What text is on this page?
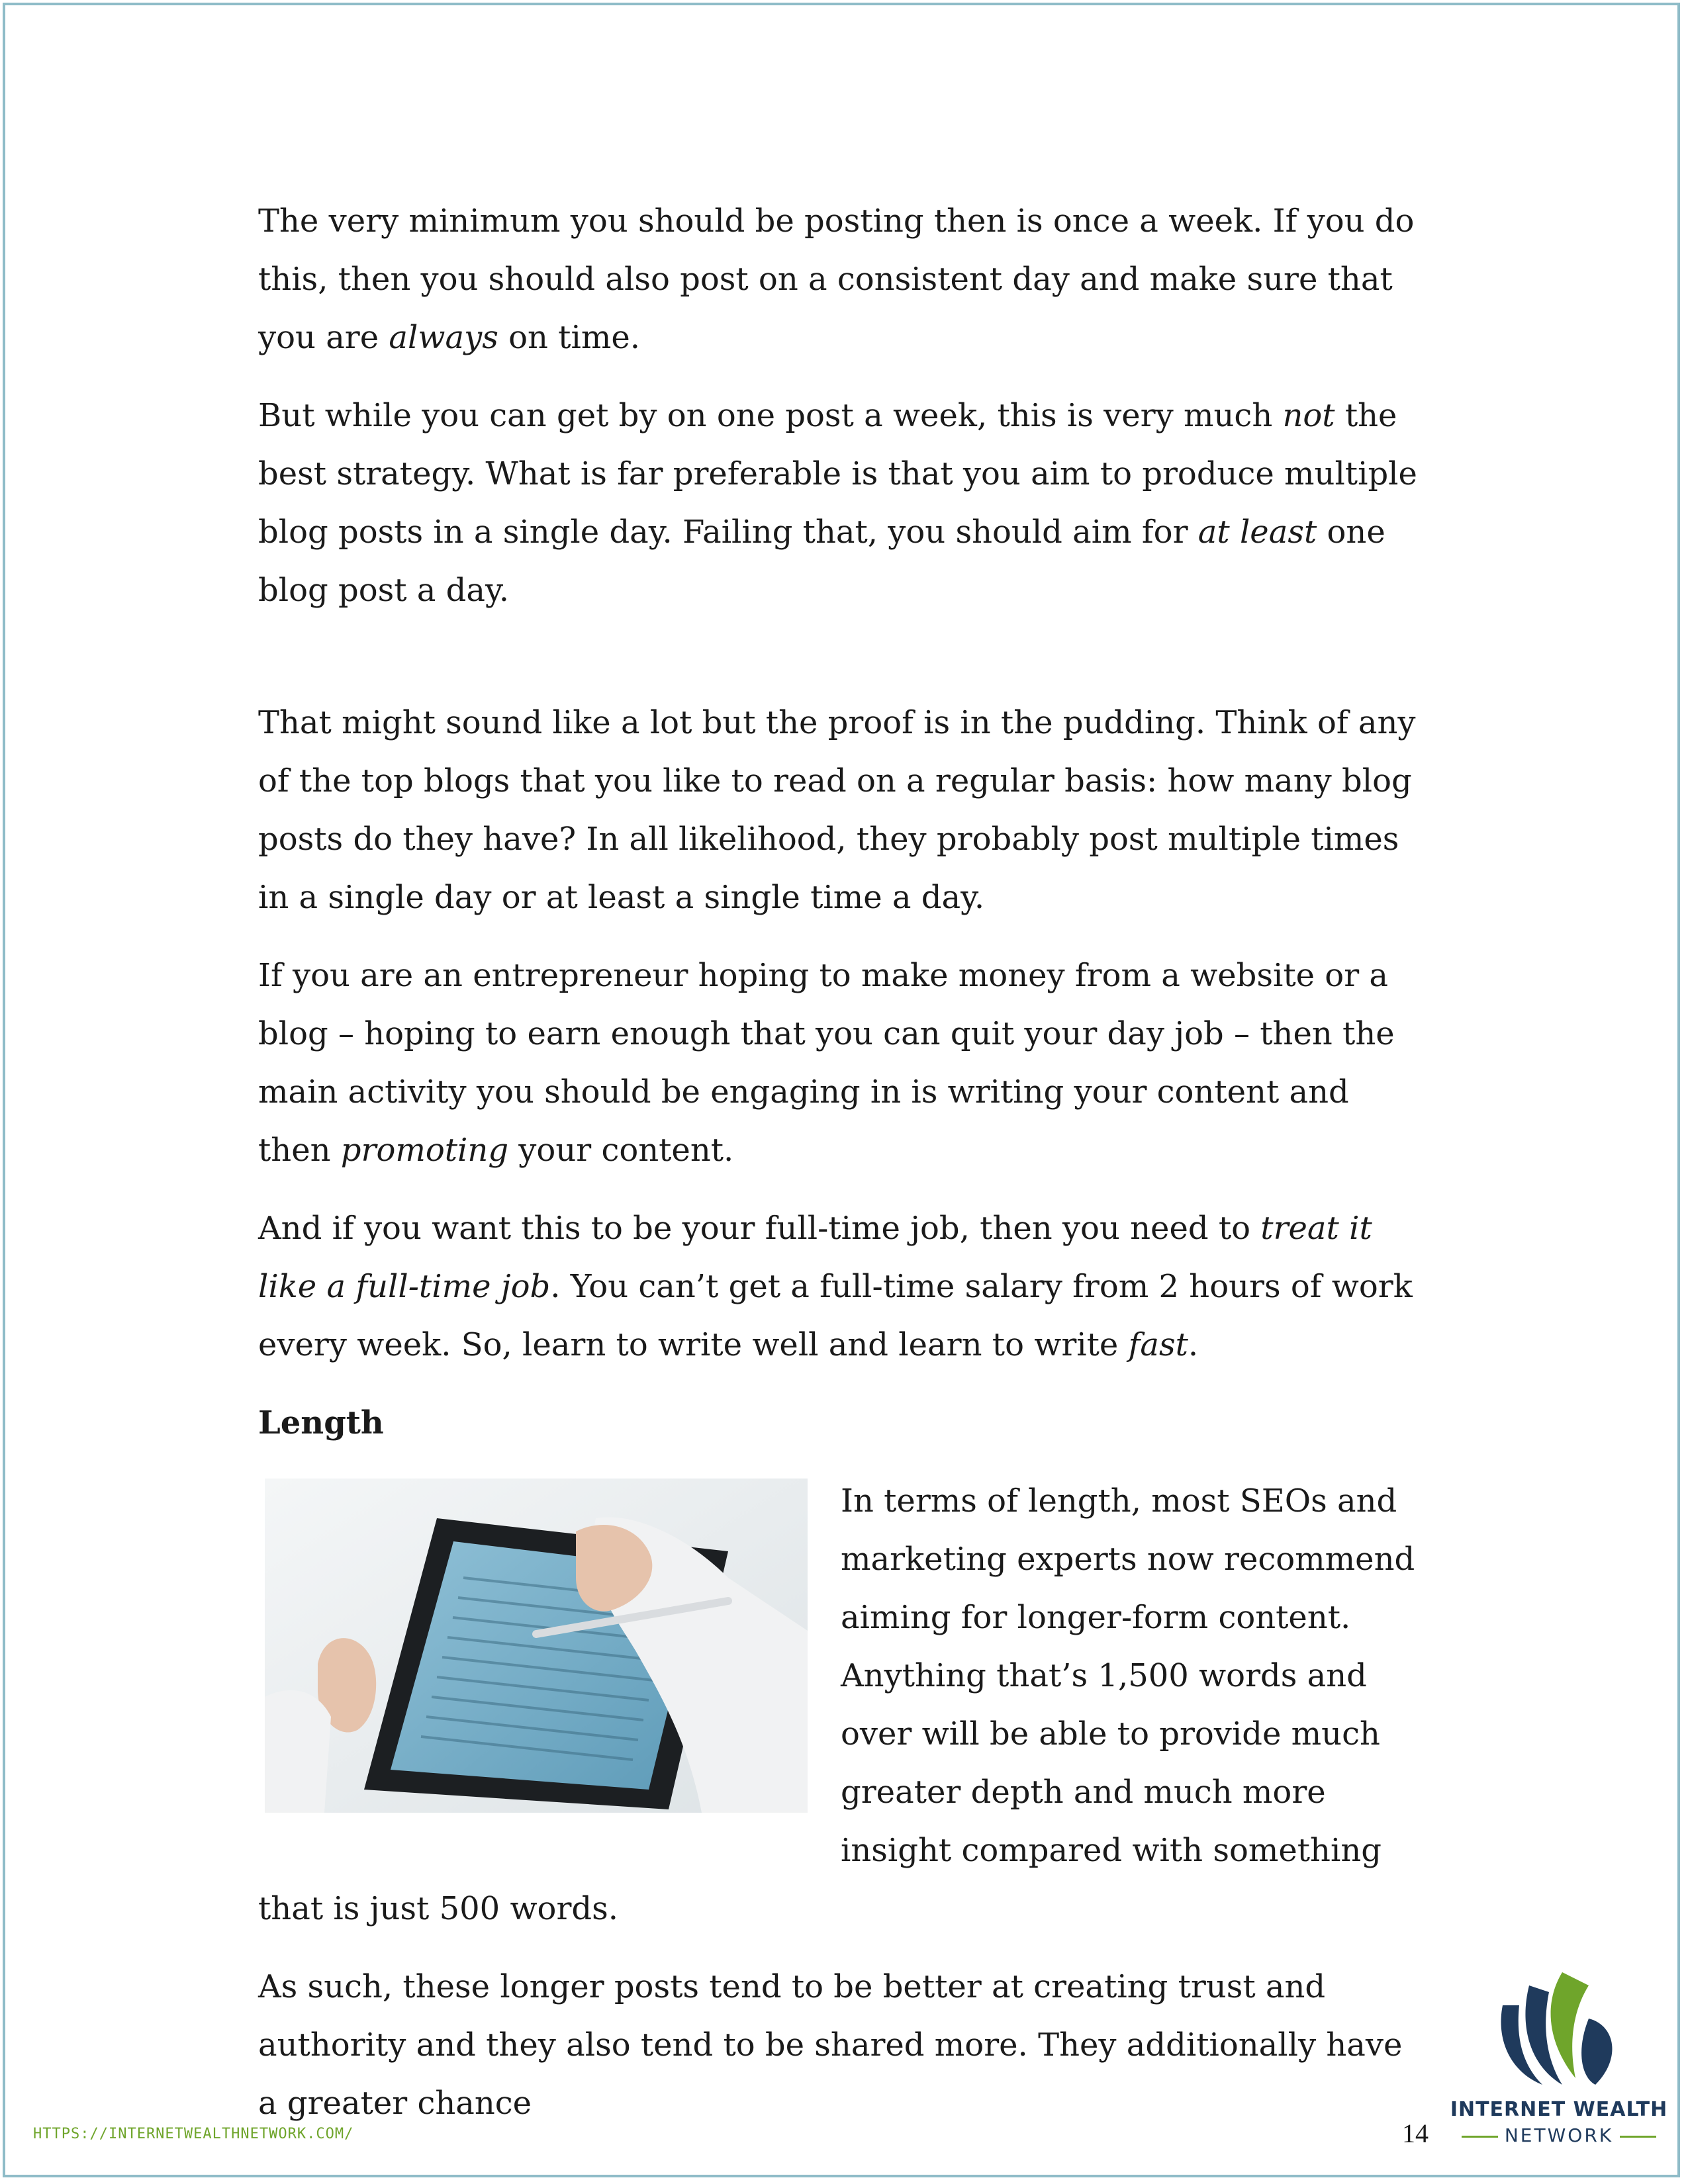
The very minimum you should be posting then is once a week. If you do this, then you should also post on a consistent day and make sure that you are always on time.

But while you can get by on one post a week, this is very much not the best strategy. What is far preferable is that you aim to produce multiple blog posts in a single day. Failing that, you should aim for at least one blog post a day.

That might sound like a lot but the proof is in the pudding. Think of any of the top blogs that you like to read on a regular basis: how many blog posts do they have? In all likelihood, they probably post multiple times in a single day or at least a single time a day.

If you are an entrepreneur hoping to make money from a website or a blog – hoping to earn enough that you can quit your day job – then the main activity you should be engaging in is writing your content and then promoting your content.

And if you want this to be your full-time job, then you need to treat it like a full-time job. You can’t get a full-time salary from 2 hours of work every week. So, learn to write well and learn to write fast.

Length

In terms of length, most SEOs and marketing experts now recommend aiming for longer-form content. Anything that’s 1,500 words and over will be able to provide much greater depth and much more insight compared with something that is just 500 words.

As such, these longer posts tend to be better at creating trust and authority and they also tend to be shared more. They additionally have a greater chance

HTTPS://INTERNETWEALTHNETWORK.COM/	14
INTERNET WEALTH
NETWORK
